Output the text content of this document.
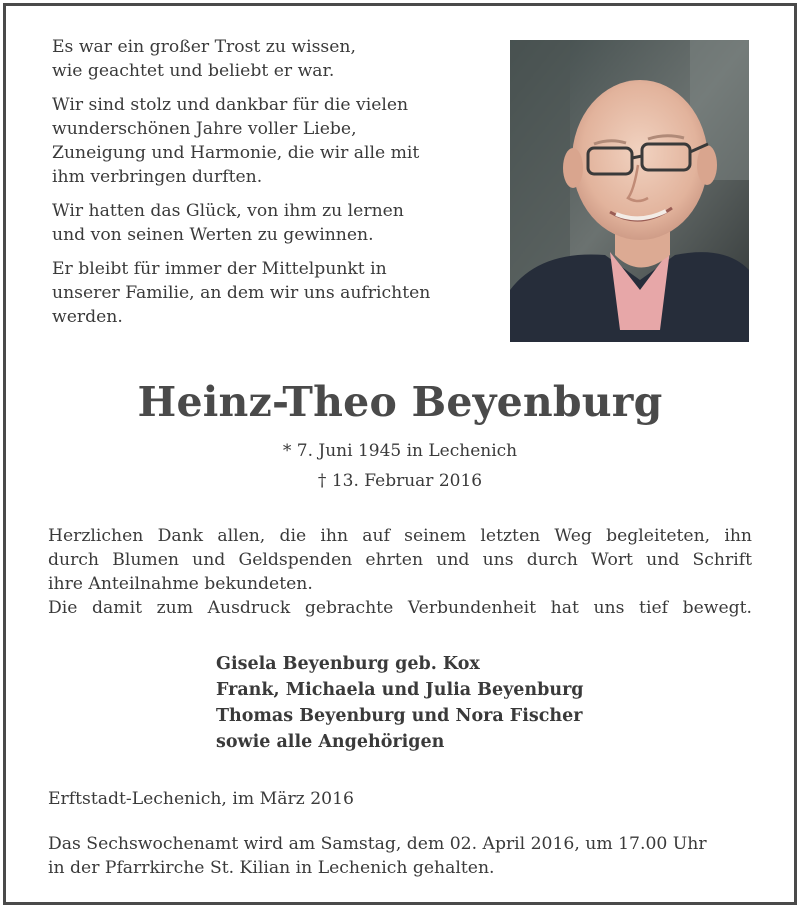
Es war ein großer Trost zu wissen,
wie geachtet und beliebt er war.

Wir sind stolz und dankbar für die vielen
wunderschönen Jahre voller Liebe,
Zuneigung und Harmonie, die wir alle mit
ihm verbringen durften.

Wir hatten das Glück, von ihm zu lernen
und von seinen Werten zu gewinnen.

Er bleibt für immer der Mittelpunkt in
unserer Familie, an dem wir uns aufrichten
werden.

Heinz-Theo Beyenburg
* 7. Juni 1945 in Lechenich
† 13. Februar 2016

Herzlichen Dank allen, die ihn auf seinem letzten Weg begleiteten, ihn

durch Blumen und Geldspenden ehrten und uns durch Wort und Schrift

ihre Anteilnahme bekundeten.

Die damit zum Ausdruck gebrachte Verbundenheit hat uns tief bewegt.

Gisela Beyenburg geb. Kox
Frank, Michaela und Julia Beyenburg
Thomas Beyenburg und Nora Fischer
sowie alle Angehörigen
Erftstadt-Lechenich, im März 2016
Das Sechswochenamt wird am Samstag, dem 02. April 2016, um 17.00 Uhr
in der Pfarrkirche St. Kilian in Lechenich gehalten.
